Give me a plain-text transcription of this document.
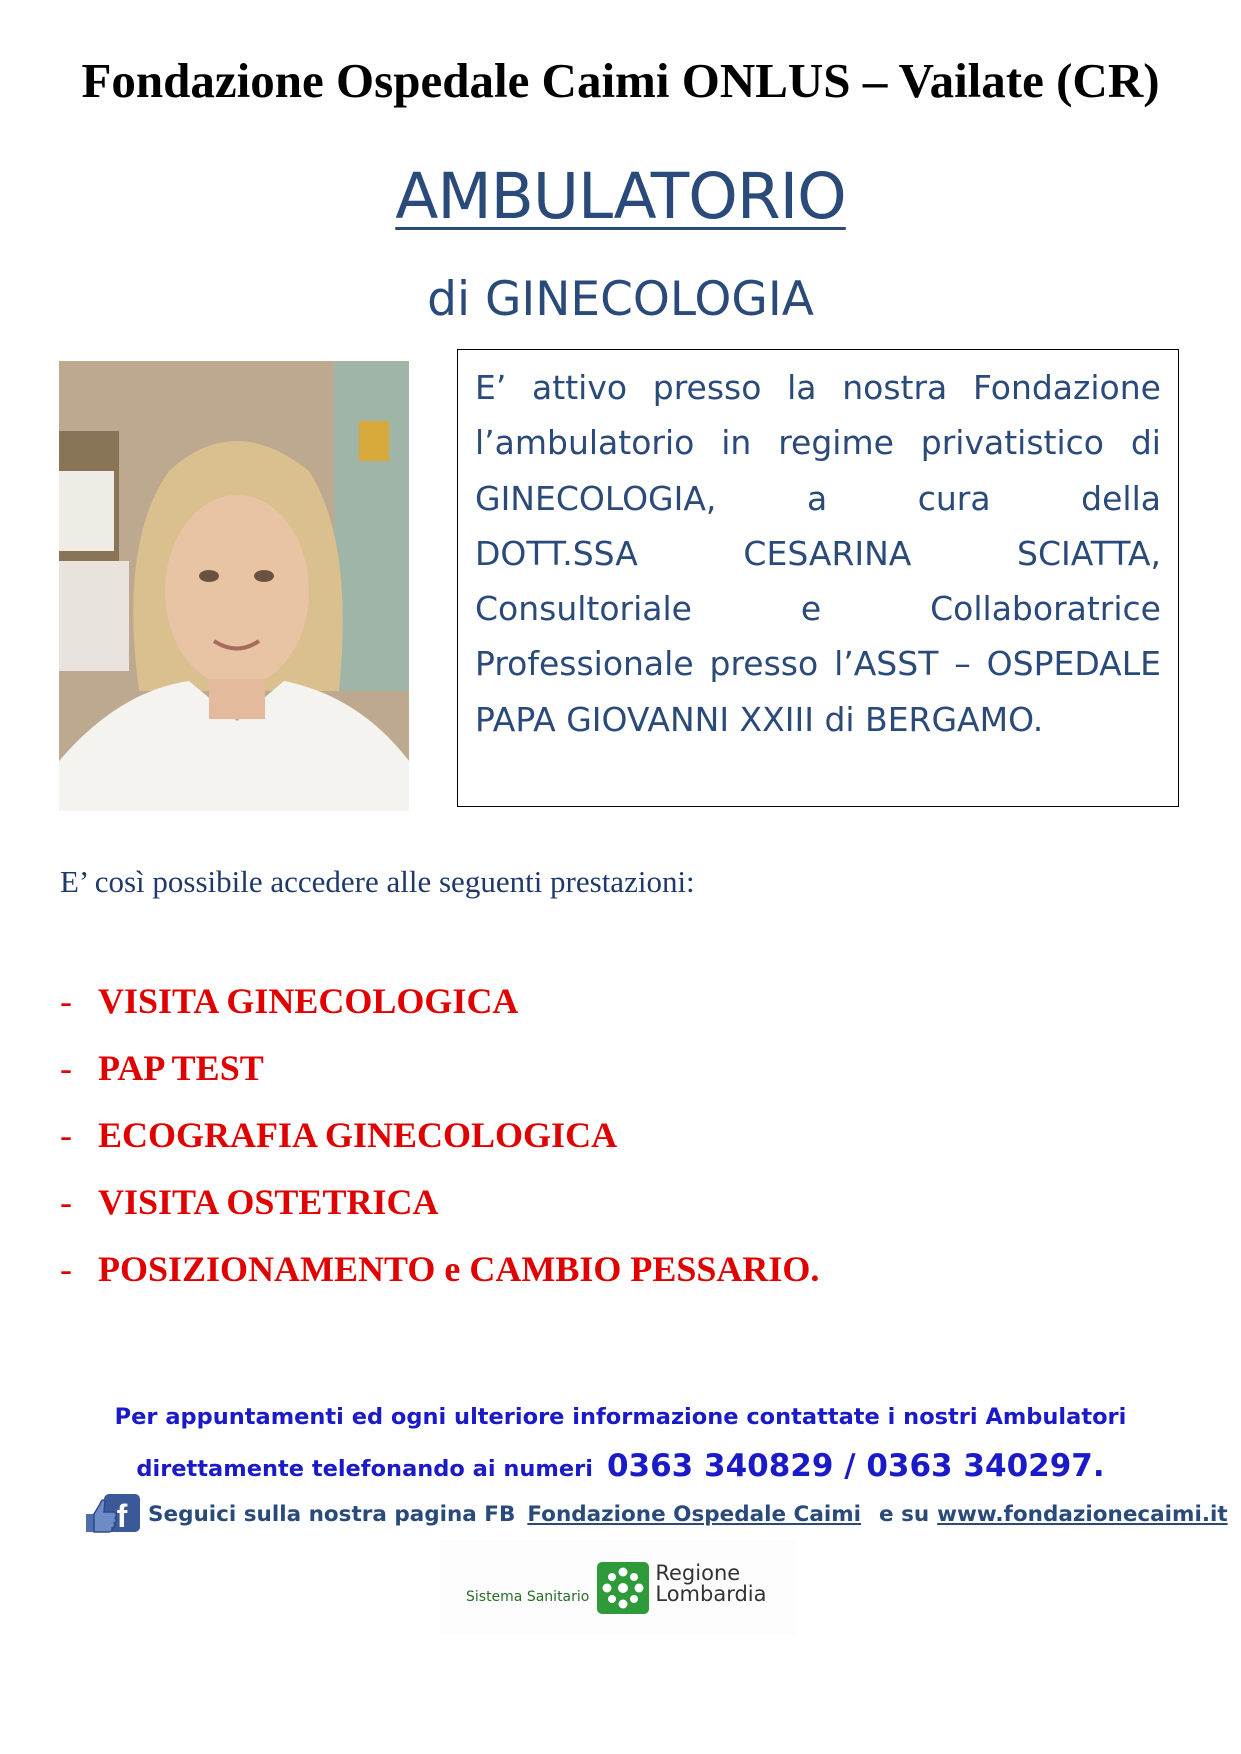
Fondazione Ospedale Caimi ONLUS – Vailate (CR)
AMBULATORIO
di GINECOLOGIA
E’ attivo presso la nostra Fondazione
l’ambulatorio in regime privatistico di
GINECOLOGIA,	a	cura	della
DOTT.SSA	CESARINA	SCIATTA,
Consultoriale	e	Collaboratrice
Professionale presso l’ASST – OSPEDALE
PAPA GIOVANNI XXIII di BERGAMO.
E’ così possibile accedere alle seguenti prestazioni:
- VISITA GINECOLOGICA
- PAP TEST
- ECOGRAFIA GINECOLOGICA
- VISITA OSTETRICA
- POSIZIONAMENTO e CAMBIO PESSARIO.
Per appuntamenti ed ogni ulteriore informazione contattate i nostri Ambulatori
direttamente telefonando ai numeri 0363 340829 / 0363 340297.
f Seguici sulla nostra pagina FB Fondazione Ospedale Caimi e su www.fondazionecaimi.it
Sistema Sanitario
Regione
Lombardia
